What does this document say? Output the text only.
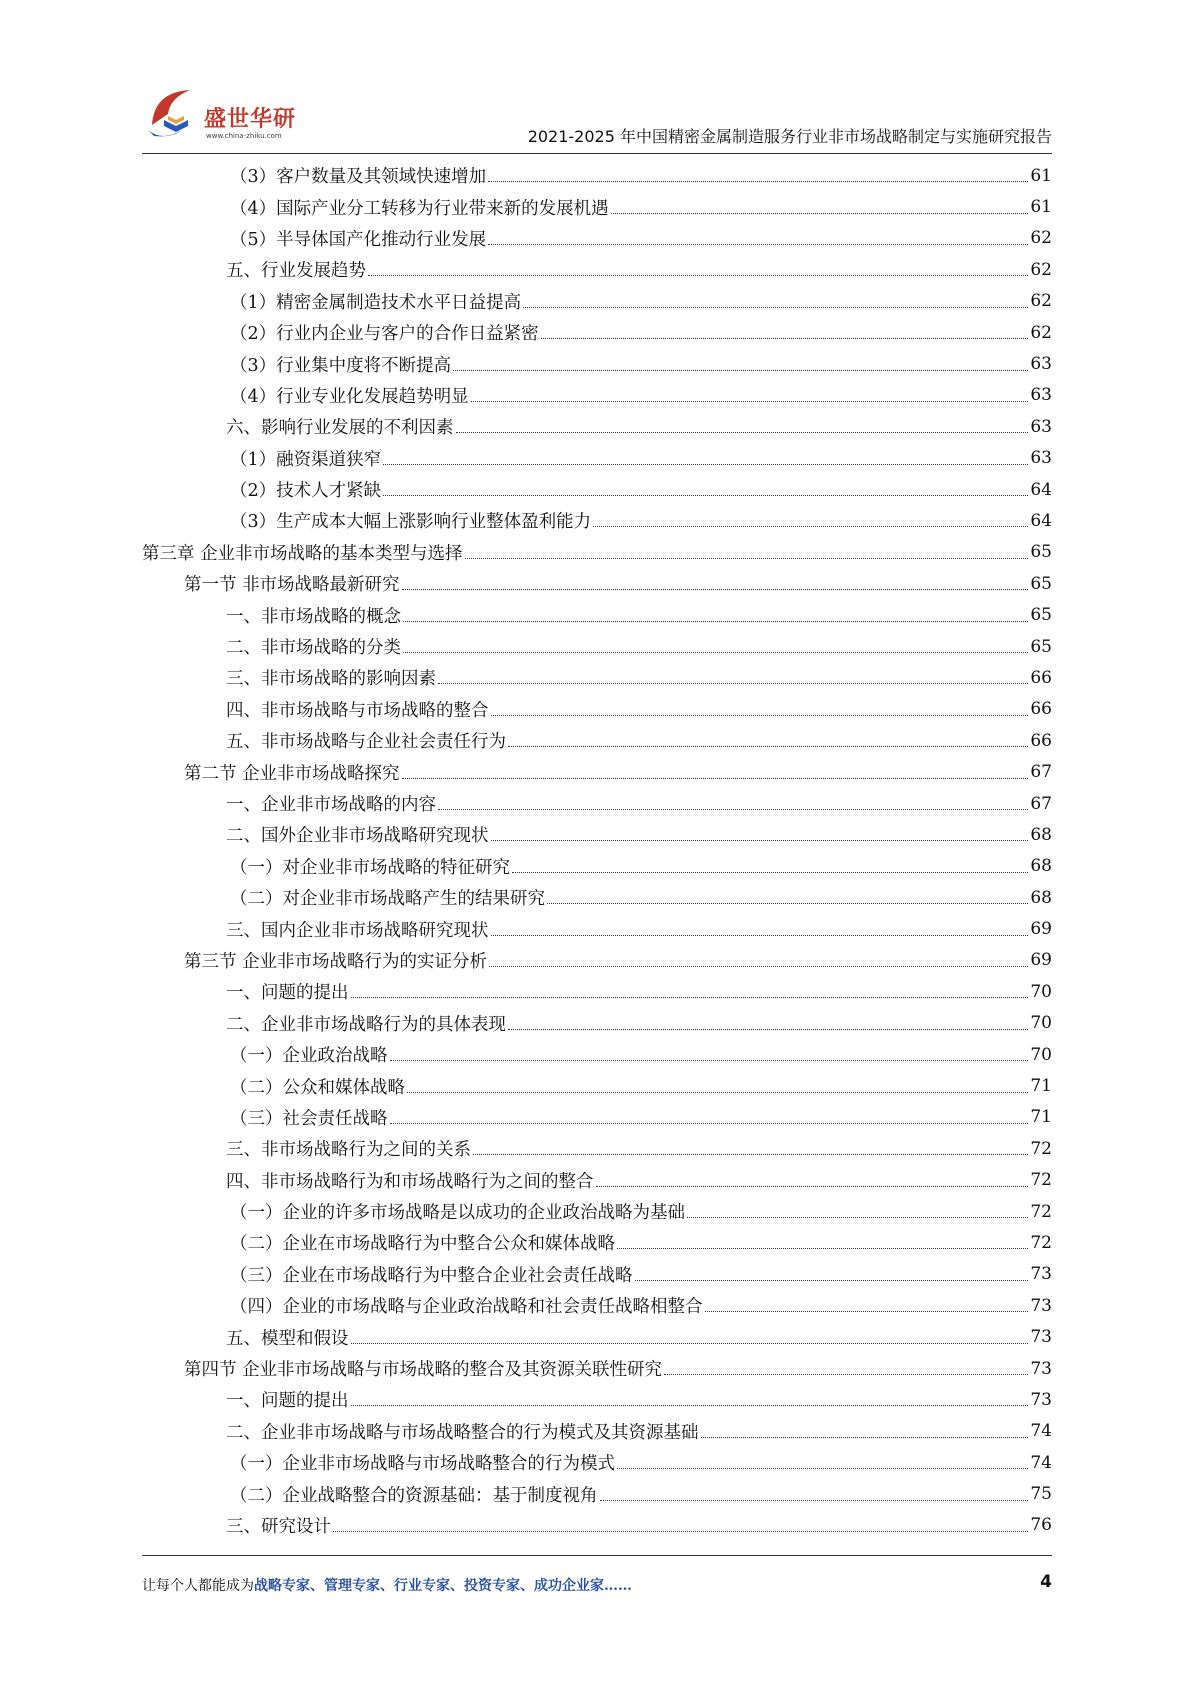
盛世华研
www.china-zhiku.com	2021-2025 年中国精密金属制造服务行业非市场战略制定与实施研究报告
（3）客户数量及其领域快速增加	61
（4）国际产业分工转移为行业带来新的发展机遇	61
（5）半导体国产化推动行业发展	62
五、行业发展趋势	62
（1）精密金属制造技术水平日益提高	62
（2）行业内企业与客户的合作日益紧密	62
（3）行业集中度将不断提高	63
（4）行业专业化发展趋势明显	63
六、影响行业发展的不利因素	63
（1）融资渠道狭窄	63
（2）技术人才紧缺	64
（3）生产成本大幅上涨影响行业整体盈利能力	64
第三章 企业非市场战略的基本类型与选择	65
第一节 非市场战略最新研究	65
一、非市场战略的概念	65
二、非市场战略的分类	65
三、非市场战略的影响因素	66
四、非市场战略与市场战略的整合	66
五、非市场战略与企业社会责任行为	66
第二节 企业非市场战略探究	67
一、企业非市场战略的内容	67
二、国外企业非市场战略研究现状	68
（一）对企业非市场战略的特征研究	68
（二）对企业非市场战略产生的结果研究	68
三、国内企业非市场战略研究现状	69
第三节 企业非市场战略行为的实证分析	69
一、问题的提出	70
二、企业非市场战略行为的具体表现	70
（一）企业政治战略	70
（二）公众和媒体战略	71
（三）社会责任战略	71
三、非市场战略行为之间的关系	72
四、非市场战略行为和市场战略行为之间的整合	72
（一）企业的许多市场战略是以成功的企业政治战略为基础	72
（二）企业在市场战略行为中整合公众和媒体战略	72
（三）企业在市场战略行为中整合企业社会责任战略	73
（四）企业的市场战略与企业政治战略和社会责任战略相整合	73
五、模型和假设	73
第四节 企业非市场战略与市场战略的整合及其资源关联性研究	73
一、问题的提出	73
二、企业非市场战略与市场战略整合的行为模式及其资源基础	74
（一）企业非市场战略与市场战略整合的行为模式	74
（二）企业战略整合的资源基础：基于制度视角	75
三、研究设计	76
让每个人都能成为战略专家、管理专家、行业专家、投资专家、成功企业家……	4
